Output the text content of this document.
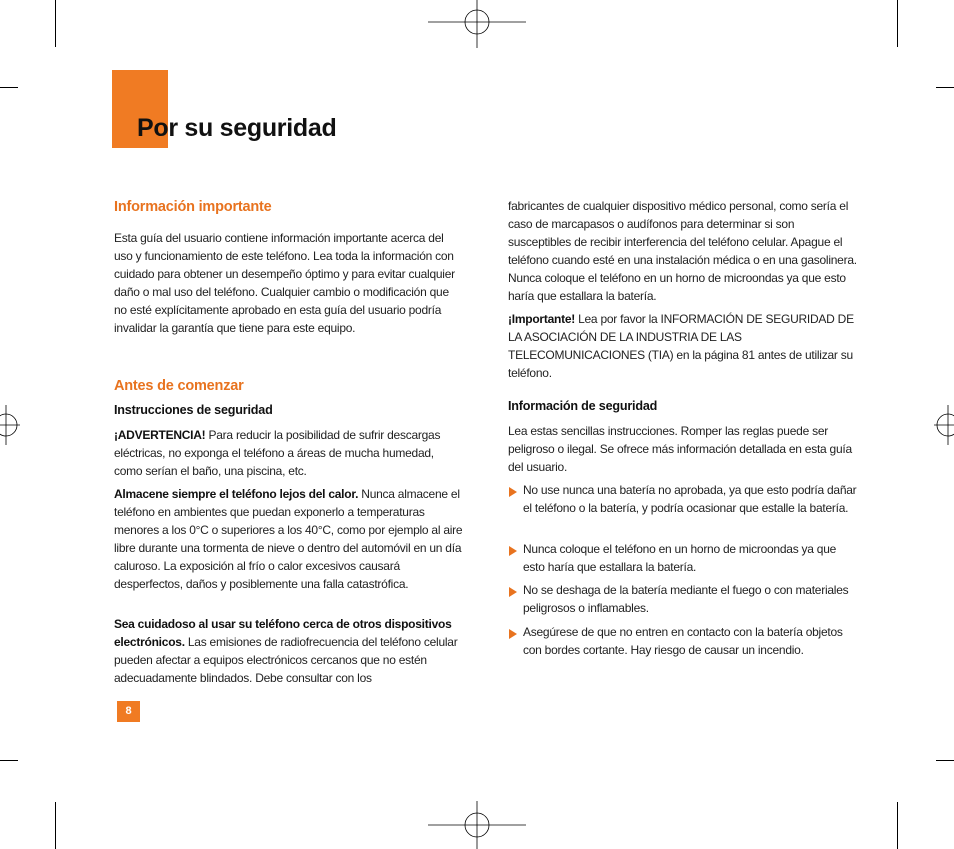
Por su seguridad
Información importante

Esta guía del usuario contiene información importante acerca del uso y funcionamiento de este teléfono. Lea toda la información con cuidado para obtener un desempeño óptimo y para evitar cualquier daño o mal uso del teléfono. Cualquier cambio o modificación que no esté explícitamente aprobado en esta guía del usuario podría invalidar la garantía que tiene para este equipo.

Antes de comenzar
Instrucciones de seguridad

¡ADVERTENCIA! Para reducir la posibilidad de sufrir descargas eléctricas, no exponga el teléfono a áreas de mucha humedad, como serían el baño, una piscina, etc.

Almacene siempre el teléfono lejos del calor. Nunca almacene el teléfono en ambientes que puedan exponerlo a temperaturas menores a los 0°C o superiores a los 40°C, como por ejemplo al aire libre durante una tormenta de nieve o dentro del automóvil en un día caluroso. La exposición al frío o calor excesivos causará desperfectos, daños y posiblemente una falla catastrófica.

Sea cuidadoso al usar su teléfono cerca de otros dispositivos electrónicos. Las emisiones de radiofrecuencia del teléfono celular pueden afectar a equipos electrónicos cercanos que no estén adecuadamente blindados. Debe consultar con los

fabricantes de cualquier dispositivo médico personal, como sería el caso de marcapasos o audífonos para determinar si son susceptibles de recibir interferencia del teléfono celular. Apague el teléfono cuando esté en una instalación médica o en una gasolinera. Nunca coloque el teléfono en un horno de microondas ya que esto haría que estallara la batería.

¡Importante! Lea por favor la INFORMACIÓN DE SEGURIDAD DE LA ASOCIACIÓN DE LA INDUSTRIA DE LAS TELECOMUNICACIONES (TIA) en la página 81 antes de utilizar su teléfono.

Información de seguridad

Lea estas sencillas instrucciones. Romper las reglas puede ser peligroso o ilegal. Se ofrece más información detallada en esta guía del usuario.

No use nunca una batería no aprobada, ya que esto podría dañar el teléfono o la batería, y podría ocasionar que estalle la batería.

Nunca coloque el teléfono en un horno de microondas ya que esto haría que estallara la batería.

No se deshaga de la batería mediante el fuego o con materiales peligrosos o inflamables.

Asegúrese de que no entren en contacto con la batería objetos con bordes cortante. Hay riesgo de causar un incendio.

8
